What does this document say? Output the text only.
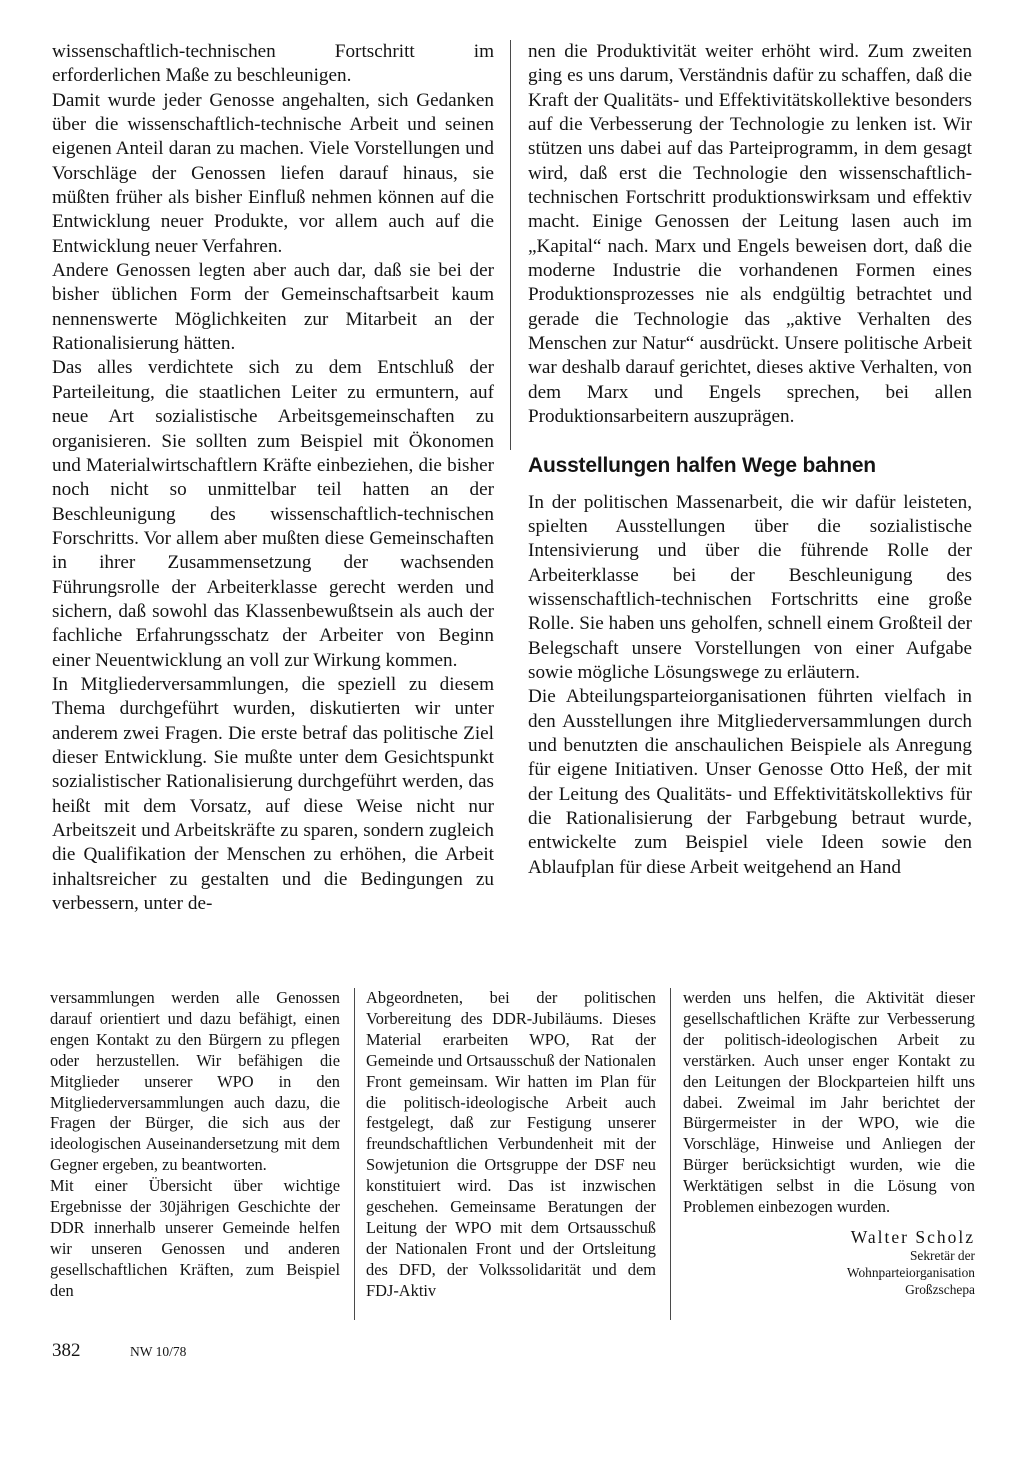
wissenschaftlich-technischen Fortschritt im erforderlichen Maße zu beschleunigen.

Damit wurde jeder Genosse angehalten, sich Gedanken über die wissenschaftlich-technische Arbeit und seinen eigenen Anteil daran zu machen. Viele Vorstellungen und Vorschläge der Genossen liefen darauf hinaus, sie müßten früher als bisher Einfluß nehmen können auf die Entwicklung neuer Produkte, vor allem auch auf die Entwicklung neuer Verfahren.

Andere Genossen legten aber auch dar, daß sie bei der bisher üblichen Form der Gemeinschaftsarbeit kaum nennenswerte Möglichkeiten zur Mitarbeit an der Rationalisierung hätten.

Das alles verdichtete sich zu dem Entschluß der Parteileitung, die staatlichen Leiter zu ermuntern, auf neue Art sozialistische Arbeitsgemeinschaften zu organisieren. Sie sollten zum Beispiel mit Ökonomen und Materialwirtschaftlern Kräfte einbeziehen, die bisher noch nicht so unmittelbar teil hatten an der Beschleunigung des wissenschaftlich-technischen Forschritts. Vor allem aber mußten diese Gemeinschaften in ihrer Zusammensetzung der wachsenden Führungsrolle der Arbeiterklasse gerecht werden und sichern, daß sowohl das Klassenbewußtsein als auch der fachliche Erfahrungsschatz der Arbeiter von Beginn einer Neuentwicklung an voll zur Wirkung kommen.

In Mitgliederversammlungen, die speziell zu diesem Thema durchgeführt wurden, diskutierten wir unter anderem zwei Fragen. Die erste betraf das politische Ziel dieser Entwicklung. Sie mußte unter dem Gesichtspunkt sozialistischer Rationalisierung durchgeführt werden, das heißt mit dem Vorsatz, auf diese Weise nicht nur Arbeitszeit und Arbeitskräfte zu sparen, sondern zugleich die Qualifikation der Menschen zu erhöhen, die Arbeit inhaltsreicher zu gestalten und die Bedingungen zu verbessern, unter de-

nen die Produktivität weiter erhöht wird. Zum zweiten ging es uns darum, Verständnis dafür zu schaffen, daß die Kraft der Qualitäts- und Effektivitätskollektive besonders auf die Verbesserung der Technologie zu lenken ist. Wir stützen uns dabei auf das Parteiprogramm, in dem gesagt wird, daß erst die Technologie den wissenschaftlich-technischen Fortschritt produktionswirksam und effektiv macht. Einige Genossen der Leitung lasen auch im „Kapital“ nach. Marx und Engels beweisen dort, daß die moderne Industrie die vorhandenen Formen eines Produktionsprozesses nie als endgültig betrachtet und gerade die Technologie das „aktive Verhalten des Menschen zur Natur“ ausdrückt. Unsere politische Arbeit war deshalb darauf gerichtet, dieses aktive Verhalten, von dem Marx und Engels sprechen, bei allen Produktionsarbeitern auszuprägen.

Ausstellungen halfen Wege bahnen

In der politischen Massenarbeit, die wir dafür leisteten, spielten Ausstellungen über die sozialistische Intensivierung und über die führende Rolle der Arbeiterklasse bei der Beschleunigung des wissenschaftlich-technischen Fortschritts eine große Rolle. Sie haben uns geholfen, schnell einem Großteil der Belegschaft unsere Vorstellungen von einer Aufgabe sowie mögliche Lösungswege zu erläutern.

Die Abteilungsparteiorganisationen führten vielfach in den Ausstellungen ihre Mitgliederversammlungen durch und benutzten die anschaulichen Beispiele als Anregung für eigene Initiativen. Unser Genosse Otto Heß, der mit der Leitung des Qualitäts- und Effektivitätskollektivs für die Rationalisierung der Farbgebung betraut wurde, entwickelte zum Beispiel viele Ideen sowie den Ablaufplan für diese Arbeit weitgehend an Hand

versammlungen werden alle Genossen darauf orientiert und dazu befähigt, einen engen Kontakt zu den Bürgern zu pflegen oder herzustellen. Wir befähigen die Mitglieder unserer WPO in den Mitgliederversammlungen auch dazu, die Fragen der Bürger, die sich aus der ideologischen Auseinandersetzung mit dem Gegner ergeben, zu beantworten.

Mit einer Übersicht über wichtige Ergebnisse der 30jährigen Geschichte der DDR innerhalb unserer Gemeinde helfen wir unseren Genossen und anderen gesellschaftlichen Kräften, zum Beispiel den

Abgeordneten, bei der politischen Vorbereitung des DDR-Jubiläums. Dieses Material erarbeiten WPO, Rat der Gemeinde und Ortsausschuß der Nationalen Front gemeinsam. Wir hatten im Plan für die politisch-ideologische Arbeit auch festgelegt, daß zur Festigung unserer freundschaftlichen Verbundenheit mit der Sowjetunion die Ortsgruppe der DSF neu konstituiert wird. Das ist inzwischen geschehen. Gemeinsame Beratungen der Leitung der WPO mit dem Ortsausschuß der Nationalen Front und der Ortsleitung des DFD, der Volkssolidarität und dem FDJ-Aktiv

werden uns helfen, die Aktivität dieser gesellschaftlichen Kräfte zur Verbesserung der politisch-ideologischen Arbeit zu verstärken. Auch unser enger Kontakt zu den Leitungen der Blockparteien hilft uns dabei. Zweimal im Jahr berichtet der Bürgermeister in der WPO, wie die Vorschläge, Hinweise und Anliegen der Bürger berücksichtigt wurden, wie die Werktätigen selbst in die Lösung von Problemen einbezogen wurden.

Walter Scholz
Sekretär der
Wohnparteiorganisation
Großzschepa
382	NW 10/78
